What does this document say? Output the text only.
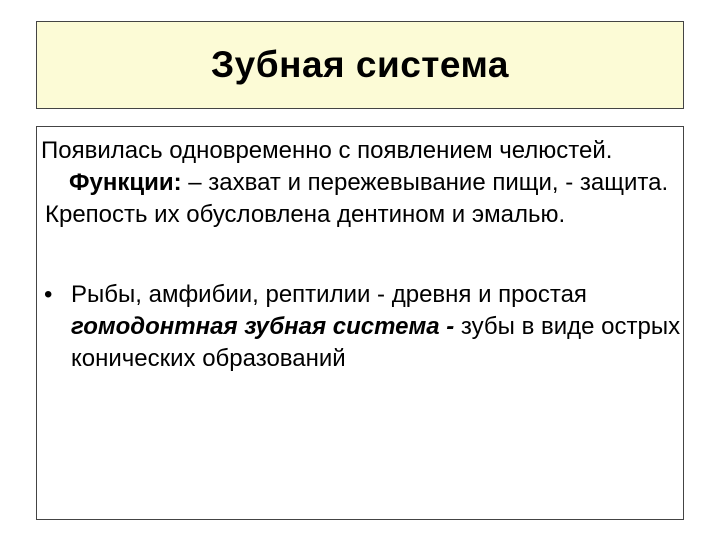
Зубная система

Появилась одновременно с появлением челюстей. Функции: – захват и пережевывание пищи, - защита.

Крепость их обусловлена дентином и эмалью.

• Рыбы, амфибии, рептилии - древня и простая гомодонтная зубная система - зубы в виде острых конических образований
